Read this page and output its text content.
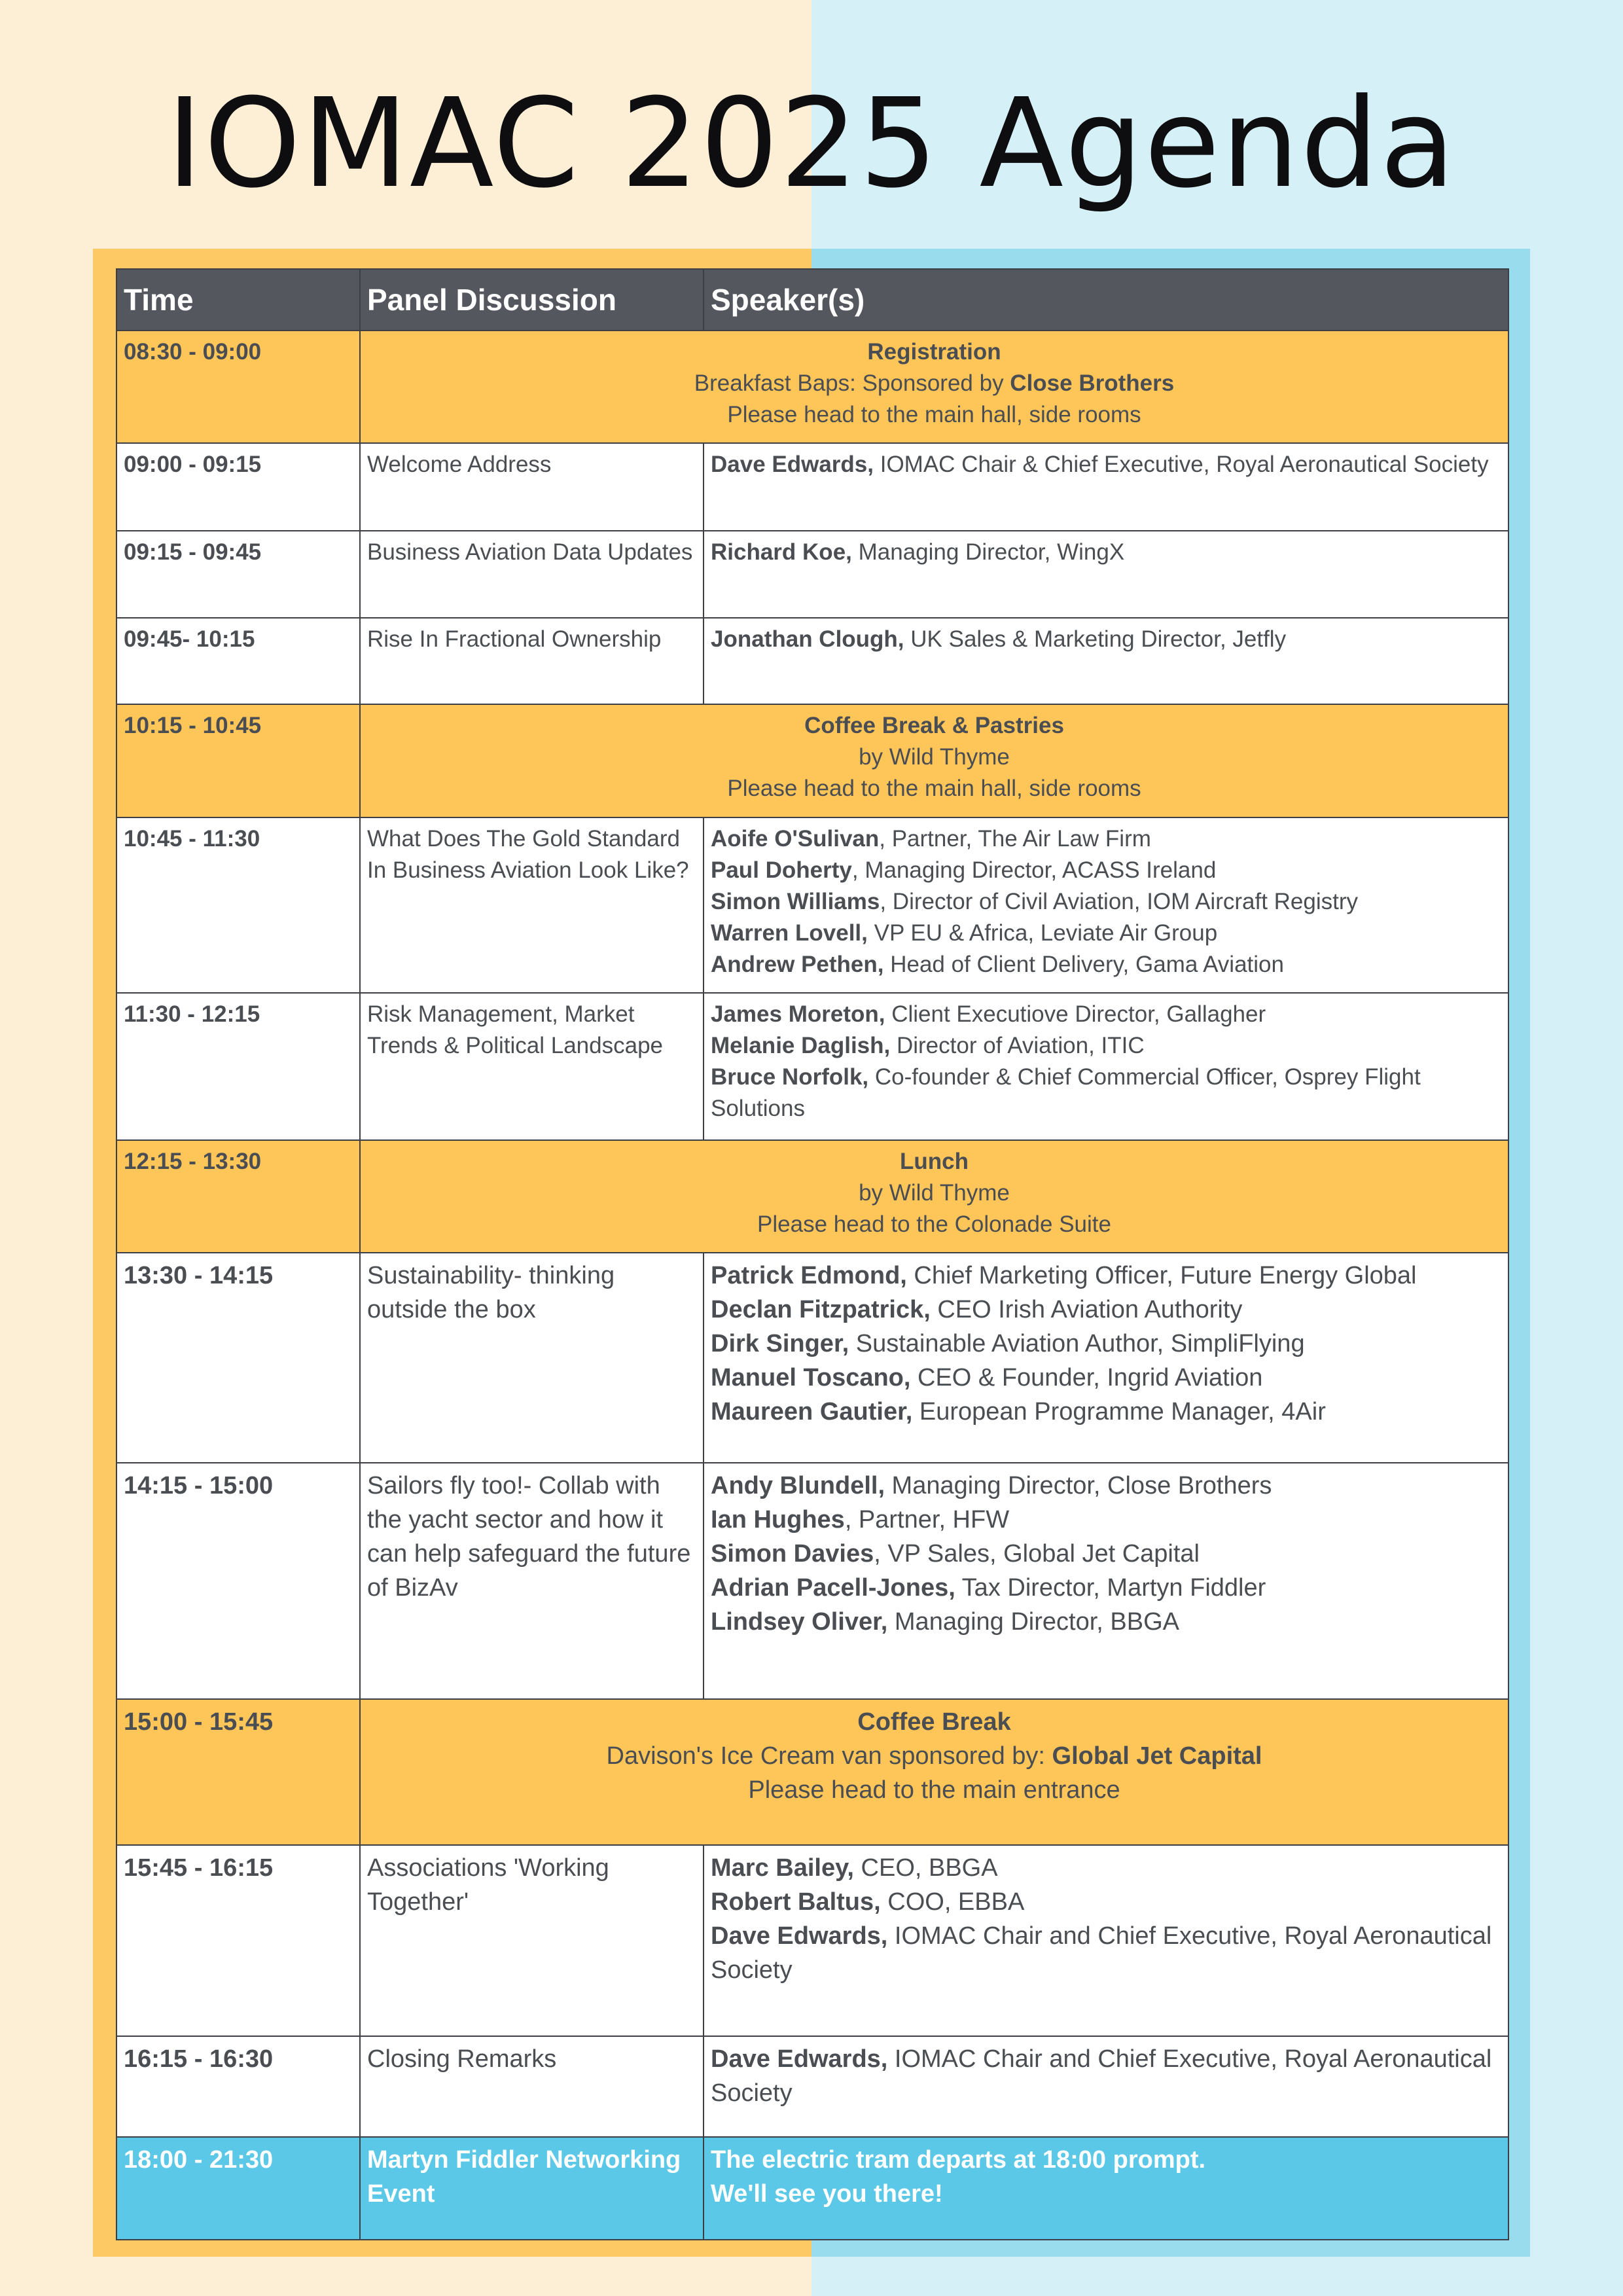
IOMAC 2025 Agenda
Time	Panel Discussion	Speaker(s)
08:30 - 09:00	Registration
Breakfast Baps: Sponsored by Close Brothers
Please head to the main hall, side rooms	

09:00 - 09:15	Welcome Address	Dave Edwards, IOMAC Chair & Chief Executive, Royal Aeronautical Society

09:15 - 09:45	Business Aviation Data Updates	Richard Koe, Managing Director, WingX

09:45- 10:15	Rise In Fractional Ownership	Jonathan Clough, UK Sales & Marketing Director, Jetfly

10:15 - 10:45	Coffee Break & Pastries
by Wild Thyme
Please head to the main hall, side rooms	

10:45 - 11:30	What Does The Gold Standard In Business Aviation Look Like?	Aoife O'Sulivan, Partner, The Air Law Firm
Paul Doherty, Managing Director, ACASS Ireland
Simon Williams, Director of Civil Aviation, IOM Aircraft Registry
Warren Lovell, VP EU & Africa, Leviate Air Group
Andrew Pethen, Head of Client Delivery, Gama Aviation

11:30 - 12:15	Risk Management, Market Trends & Political Landscape	James Moreton, Client Executiove Director, Gallagher
Melanie Daglish, Director of Aviation, ITIC
Bruce Norfolk, Co-founder & Chief Commercial Officer, Osprey Flight Solutions

12:15 - 13:30	Lunch
by Wild Thyme
Please head to the Colonade Suite	

13:30 - 14:15	Sustainability- thinking outside the box	Patrick Edmond, Chief Marketing Officer, Future Energy Global
Declan Fitzpatrick, CEO Irish Aviation Authority
Dirk Singer, Sustainable Aviation Author, SimpliFlying
Manuel Toscano, CEO & Founder, Ingrid Aviation
Maureen Gautier, European Programme Manager, 4Air

14:15 - 15:00	Sailors fly too!- Collab with the yacht sector and how it can help safeguard the future of BizAv	Andy Blundell, Managing Director, Close Brothers
Ian Hughes, Partner, HFW
Simon Davies, VP Sales, Global Jet Capital
Adrian Pacell-Jones, Tax Director, Martyn Fiddler
Lindsey Oliver, Managing Director, BBGA

15:00 - 15:45	Coffee Break
Davison's Ice Cream van sponsored by: Global Jet Capital
Please head to the main entrance	

15:45 - 16:15	Associations 'Working Together'	Marc Bailey, CEO, BBGA
Robert Baltus, COO, EBBA
Dave Edwards, IOMAC Chair and Chief Executive, Royal Aeronautical Society

16:15 - 16:30	Closing Remarks	Dave Edwards, IOMAC Chair and Chief Executive, Royal Aeronautical Society

18:00 - 21:30	Martyn Fiddler Networking Event	The electric tram departs at 18:00 prompt.
We'll see you there!
